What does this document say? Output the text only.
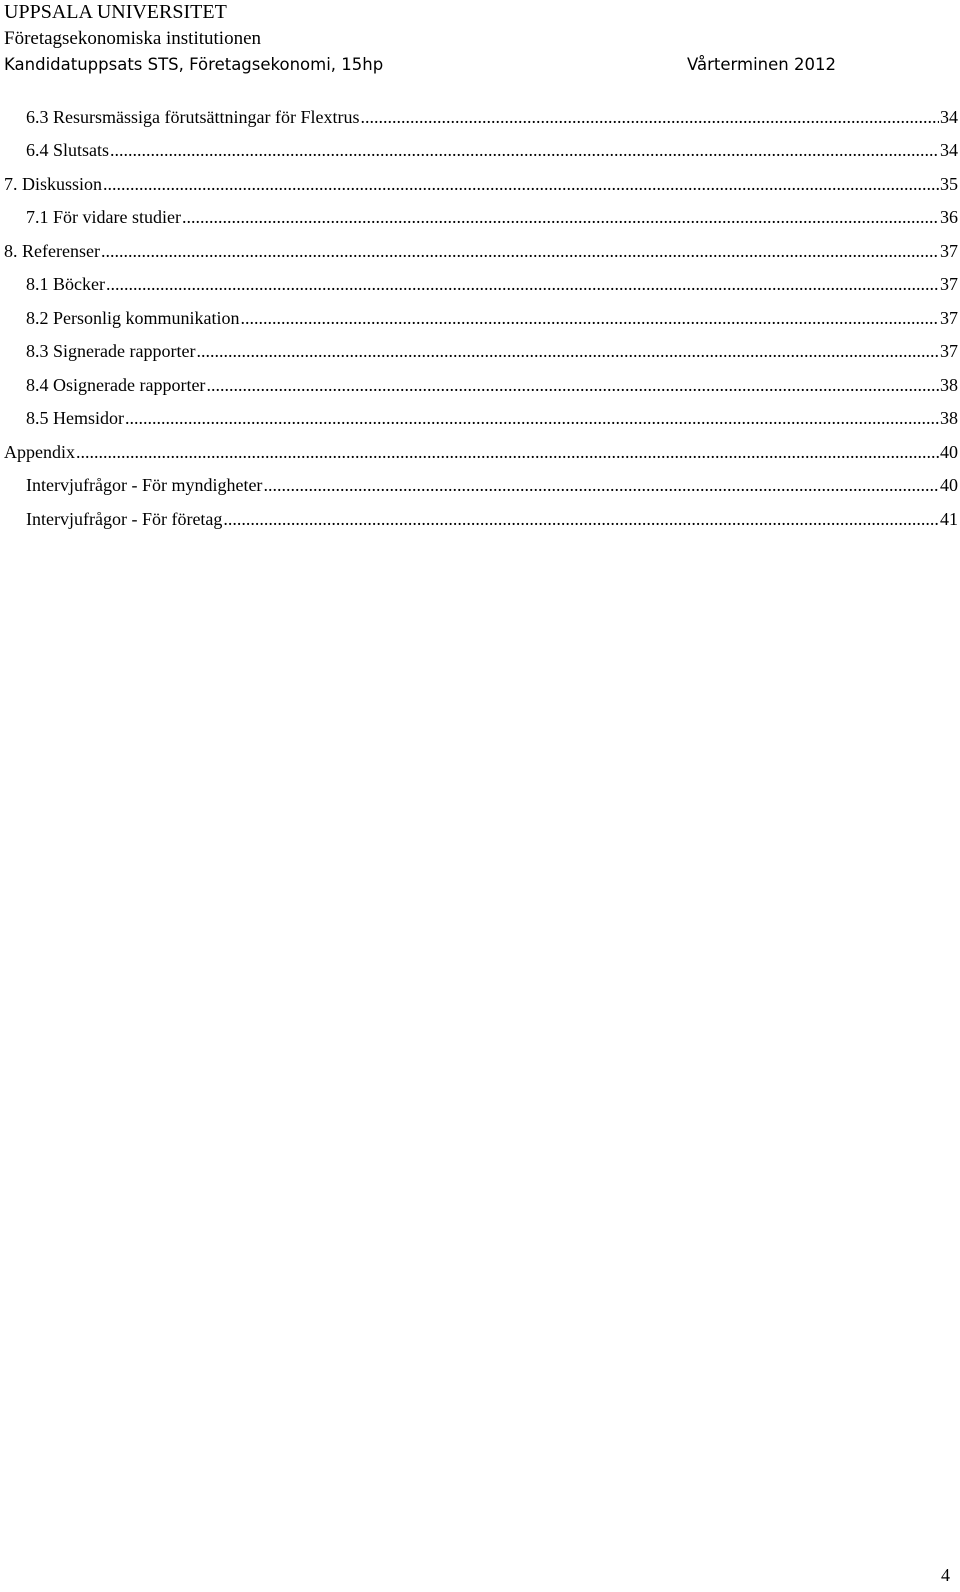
UPPSALA UNIVERSITET
Företagsekonomiska institutionen
Kandidatuppsats STS, Företagsekonomi, 15hp	Vårterminen 2012
6.3 Resursmässiga förutsättningar för Flextrus .....	34
6.4 Slutsats .....	34
7. Diskussion .....	35
7.1 För vidare studier .....	36
8. Referenser .....	37
8.1 Böcker .....	37
8.2 Personlig kommunikation .....	37
8.3 Signerade rapporter .....	37
8.4 Osignerade rapporter .....	38
8.5 Hemsidor .....	38
Appendix .....	40
Intervjufrågor - För myndigheter .....	40
Intervjufrågor - För företag .....	41
4
